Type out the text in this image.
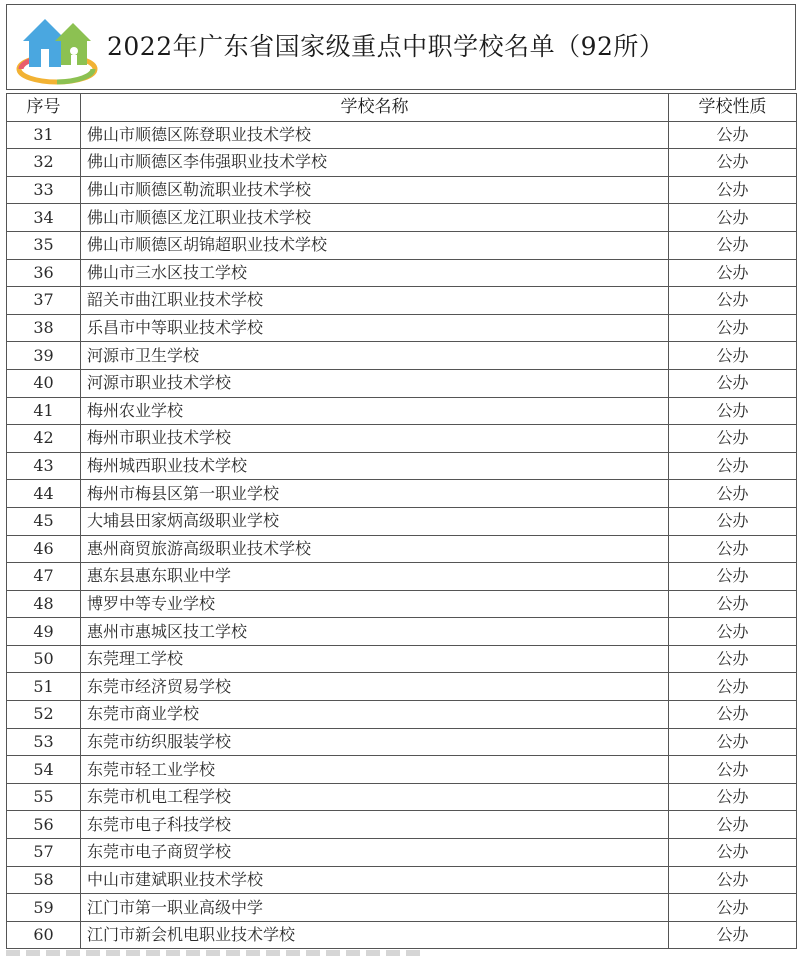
2022年广东省国家级重点中职学校名单（92所）
序号	学校名称	学校性质
31	佛山市顺德区陈登职业技术学校	公办
32	佛山市顺德区李伟强职业技术学校	公办
33	佛山市顺德区勒流职业技术学校	公办
34	佛山市顺德区龙江职业技术学校	公办
35	佛山市顺德区胡锦超职业技术学校	公办
36	佛山市三水区技工学校	公办
37	韶关市曲江职业技术学校	公办
38	乐昌市中等职业技术学校	公办
39	河源市卫生学校	公办
40	河源市职业技术学校	公办
41	梅州农业学校	公办
42	梅州市职业技术学校	公办
43	梅州城西职业技术学校	公办
44	梅州市梅县区第一职业学校	公办
45	大埔县田家炳高级职业学校	公办
46	惠州商贸旅游高级职业技术学校	公办
47	惠东县惠东职业中学	公办
48	博罗中等专业学校	公办
49	惠州市惠城区技工学校	公办
50	东莞理工学校	公办
51	东莞市经济贸易学校	公办
52	东莞市商业学校	公办
53	东莞市纺织服装学校	公办
54	东莞市轻工业学校	公办
55	东莞市机电工程学校	公办
56	东莞市电子科技学校	公办
57	东莞市电子商贸学校	公办
58	中山市建斌职业技术学校	公办
59	江门市第一职业高级中学	公办
60	江门市新会机电职业技术学校	公办
